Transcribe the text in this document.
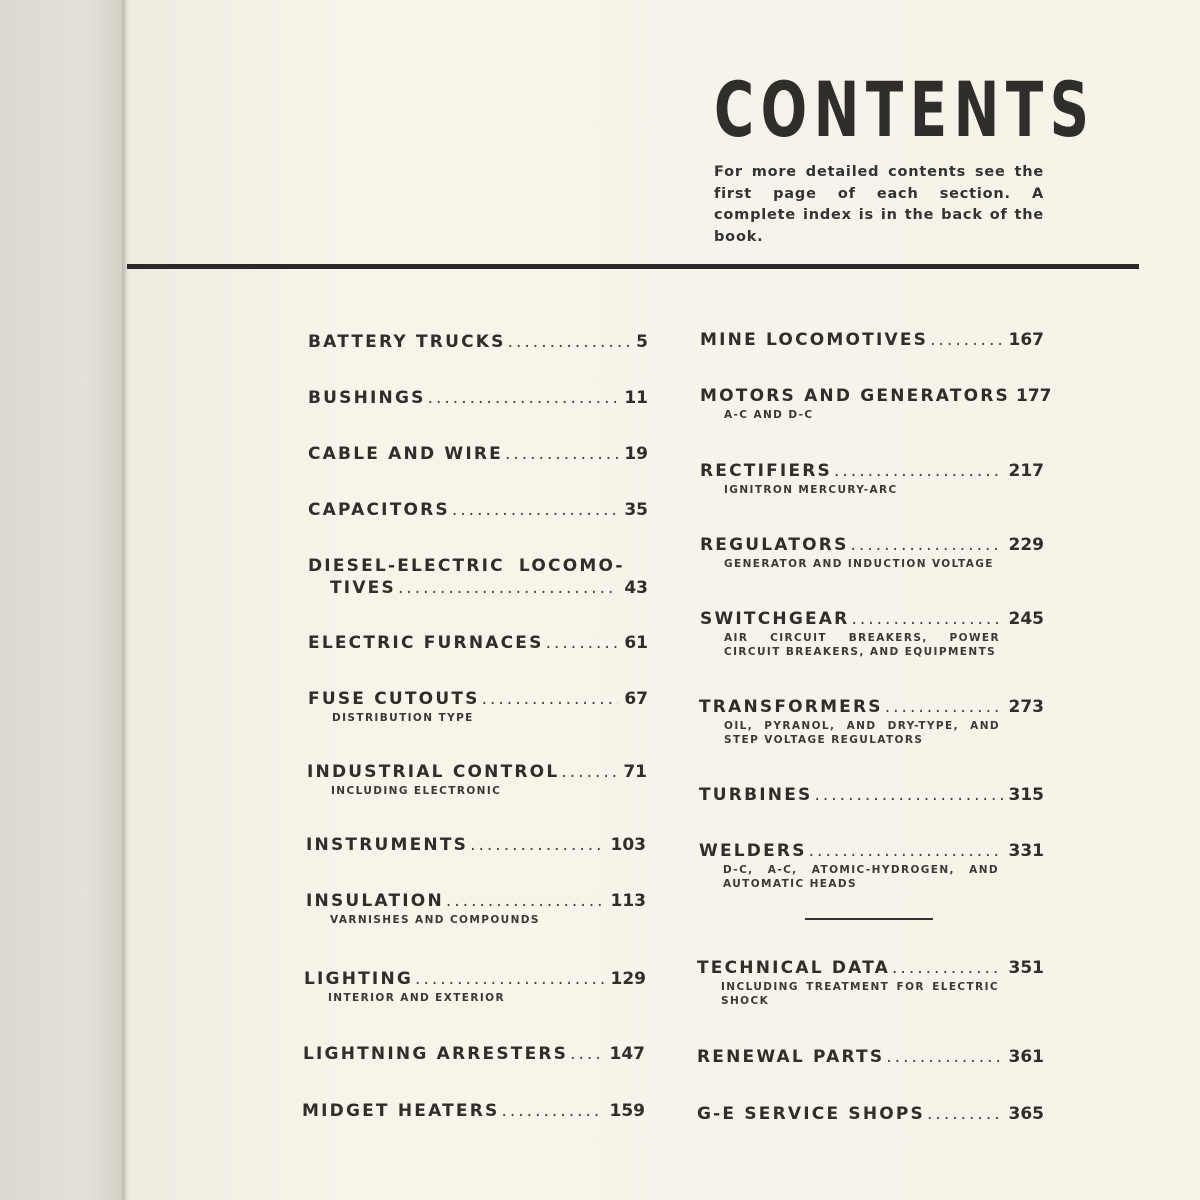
CONTENTS
For more detailed contents see the first page of each section. A complete index is in the back of the book.
BATTERY TRUCKS .....	5
BUSHINGS .....	11
CABLE AND WIRE .....	19
CAPACITORS .....	35
DIESEL-ELECTRIC LOCOMO-
TIVES .....	43
ELECTRIC FURNACES .....	61
FUSE CUTOUTS .....	67
DISTRIBUTION TYPE
INDUSTRIAL CONTROL .....	71
INCLUDING ELECTRONIC
INSTRUMENTS .....	103
INSULATION .....	113
VARNISHES AND COMPOUNDS
LIGHTING .....	129
INTERIOR AND EXTERIOR
LIGHTNING ARRESTERS ..... 147
MIDGET HEATERS .....	159
MINE LOCOMOTIVES .....	167
MOTORS AND GENERATORS 177
A-C AND D-C
RECTIFIERS .....	217
IGNITRON MERCURY-ARC
REGULATORS .....	229
GENERATOR AND INDUCTION VOLTAGE
SWITCHGEAR .....	245
AIR CIRCUIT BREAKERS, POWER CIRCUIT BREAKERS, AND EQUIPMENTS
TRANSFORMERS .....	273
OIL, PYRANOL, AND DRY-TYPE, AND STEP VOLTAGE REGULATORS
TURBINES .....	315
WELDERS .....	331
D-C, A-C, ATOMIC-HYDROGEN, AND AUTOMATIC HEADS
TECHNICAL DATA .....	351
INCLUDING TREATMENT FOR ELECTRIC SHOCK
RENEWAL PARTS .....	361
G-E SERVICE SHOPS .....	365
